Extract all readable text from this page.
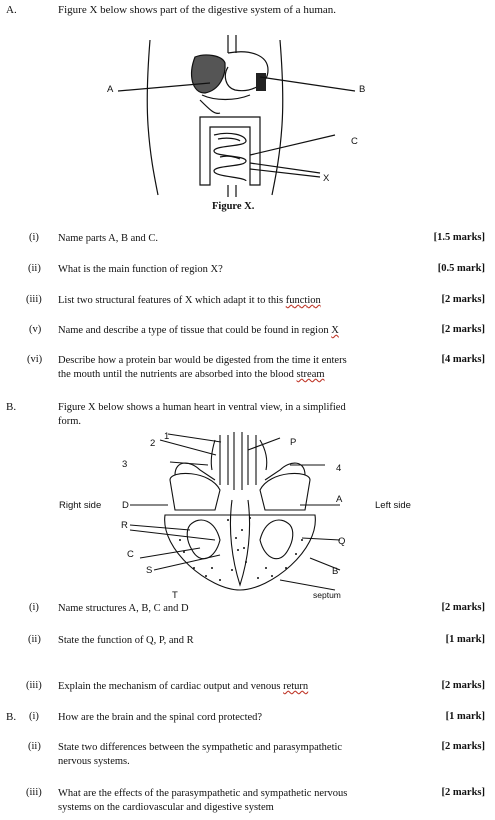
A.	Figure X below shows part of the digestive system of a human.
A	B
C
X
Figure X.
(i) Name parts A, B and C.	[1.5 marks]
(ii) What is the main function of region X?	[0.5 mark]
(iii) List two structural features of X which adapt it to this function	[2 marks]
(v) Name and describe a type of tissue that could be found in region X	[2 marks]
(vi) Describe how a protein bar would be digested from the time it enters
the mouth until the nutrients are absorbed into the blood stream
[4 marks]
B.	Figure X below shows a human heart in ventral view, in a simplified
form.
1
2
3
P
4
Right side D
A
Left side
R
Q
C
S	B
T	septum
(i) Name structures A, B, C and D	[2 marks]
(ii) State the function of Q, P, and R	[1 mark]
(iii) Explain the mechanism of cardiac output and venous return	[2 marks]
B. (i) How are the brain and the spinal cord protected?	[1 mark]
(ii) State two differences between the sympathetic and parasympathetic
nervous systems.
[2 marks]
(iii) What are the effects of the parasympathetic and sympathetic nervous
systems on the cardiovascular and digestive system
[2 marks]
